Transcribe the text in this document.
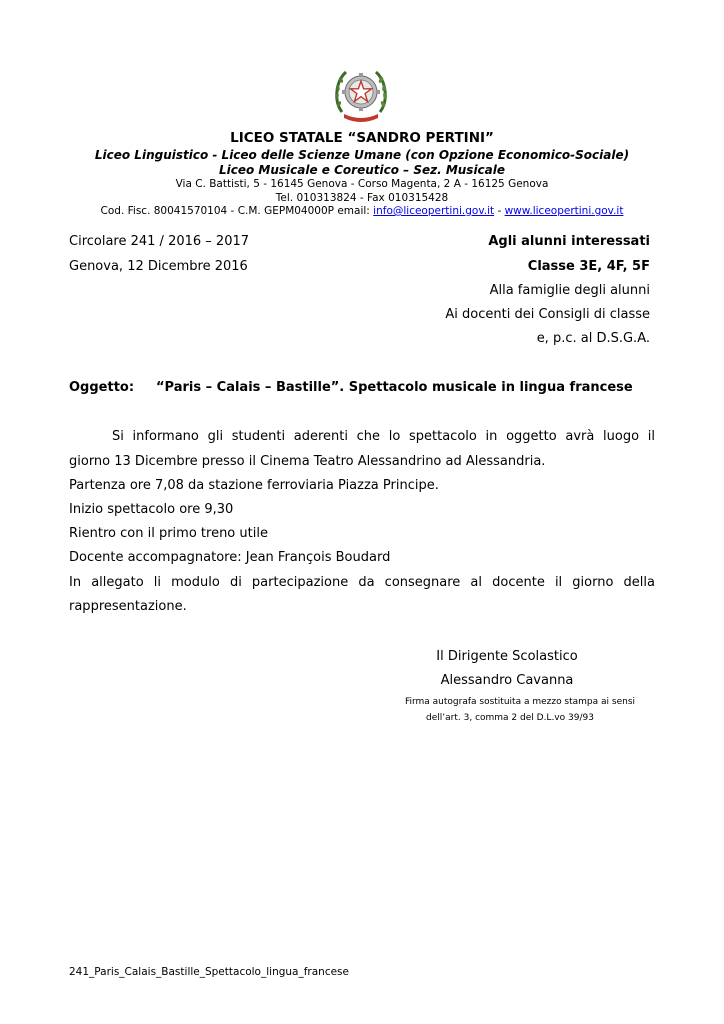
LICEO STATALE “SANDRO PERTINI”
Liceo Linguistico - Liceo delle Scienze Umane (con Opzione Economico-Sociale)
Liceo Musicale e Coreutico – Sez. Musicale
Via C. Battisti, 5 - 16145 Genova - Corso Magenta, 2 A - 16125 Genova
Tel. 010313824 - Fax 010315428
Cod. Fisc. 80041570104 - C.M. GEPM04000P email: info@liceopertini.gov.it - www.liceopertini.gov.it
Circolare 241 / 2016 – 2017
Genova, 12 Dicembre 2016
Agli alunni interessati
Classe 3E, 4F, 5F
Alla famiglie degli alunni
Ai docenti dei Consigli di classe
e, p.c. al D.S.G.A.
Oggetto: “Paris – Calais – Bastille”. Spettacolo musicale in lingua francese
Si informano gli studenti aderenti che lo spettacolo in oggetto avrà luogo il
giorno 13 Dicembre presso il Cinema Teatro Alessandrino ad Alessandria.
Partenza ore 7,08 da stazione ferroviaria Piazza Principe.
Inizio spettacolo ore 9,30
Rientro con il primo treno utile
Docente accompagnatore: Jean François Boudard
In allegato li modulo di partecipazione da consegnare al docente il giorno della
rappresentazione.
Il Dirigente Scolastico
Alessandro Cavanna
Firma autografa sostituita a mezzo stampa ai sensi
dell’art. 3, comma 2 del D.L.vo 39/93
241_Paris_Calais_Bastille_Spettacolo_lingua_francese
